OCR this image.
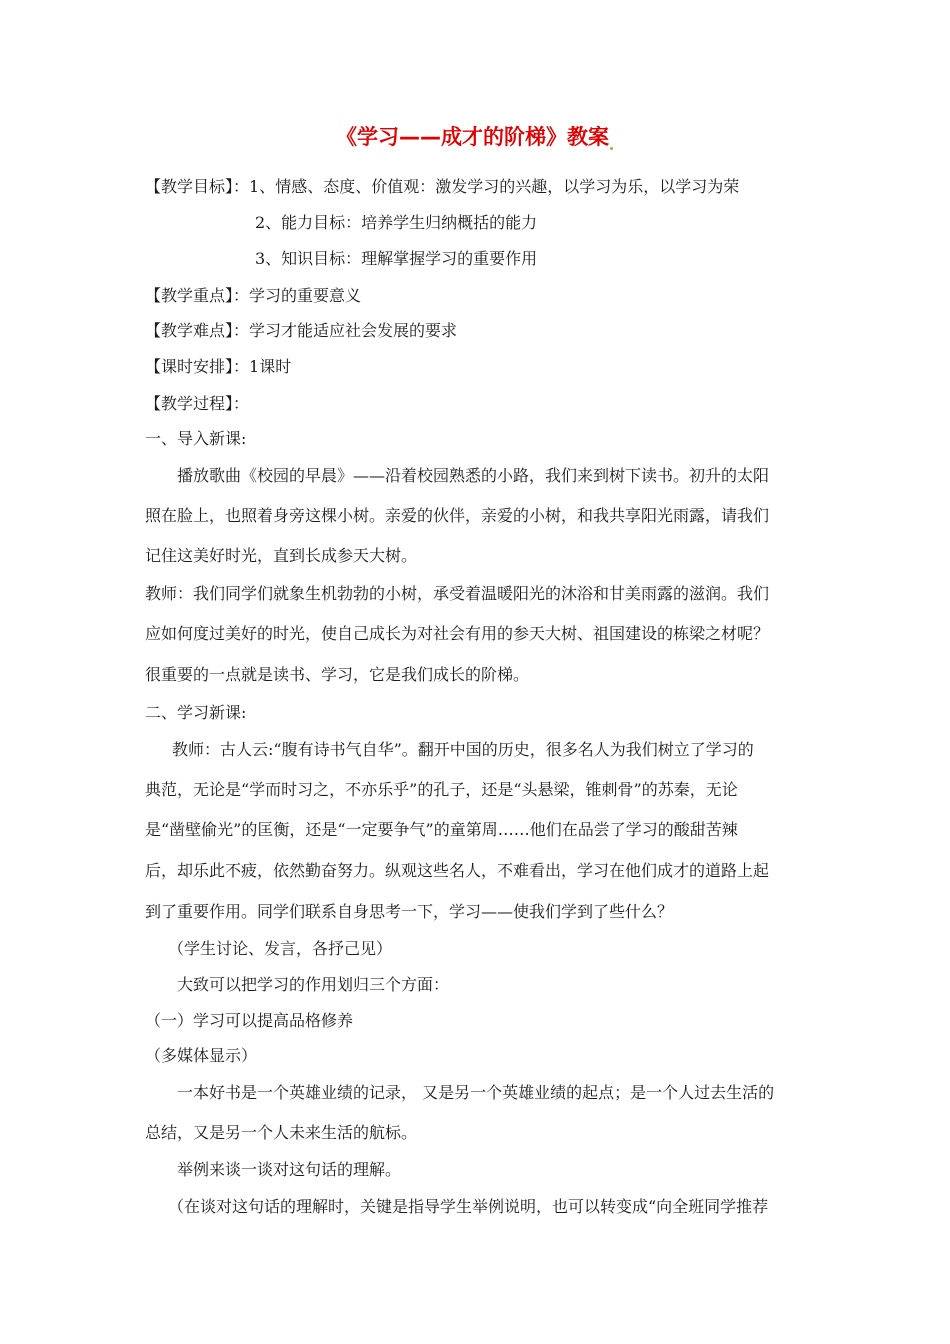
《学习——成才的阶梯》教案
【教学目标】：1、情感、态度、价值观：激发学习的兴趣，以学习为乐，以学习为荣
2、能力目标：培养学生归纳概括的能力
3、知识目标：理解掌握学习的重要作用
【教学重点】：学习的重要意义
【教学难点】：学习才能适应社会发展的要求
【课时安排】：1课时
【教学过程】：
一、导入新课:
播放歌曲《校园的早晨》——沿着校园熟悉的小路，我们来到树下读书。初升的太阳
照在脸上，也照着身旁这棵小树。亲爱的伙伴，亲爱的小树，和我共享阳光雨露，请我们
记住这美好时光，直到长成参天大树。
教师：我们同学们就象生机勃勃的小树，承受着温暖阳光的沐浴和甘美雨露的滋润。我们
应如何度过美好的时光，使自己成长为对社会有用的参天大树、祖国建设的栋梁之材呢？
很重要的一点就是读书、学习，它是我们成长的阶梯。
二、学习新课:
教师：古人云:“腹有诗书气自华”。翻开中国的历史，很多名人为我们树立了学习的
典范，无论是“学而时习之，不亦乐乎”的孔子，还是“头悬梁，锥刺骨”的苏秦，无论
是“凿壁偷光”的匡衡，还是“一定要争气”的童第周……他们在品尝了学习的酸甜苦辣
后，却乐此不疲，依然勤奋努力。纵观这些名人，不难看出，学习在他们成才的道路上起
到了重要作用。同学们联系自身思考一下，学习——使我们学到了些什么？
（学生讨论、发言，各抒己见）
大致可以把学习的作用划归三个方面：
（一）学习可以提高品格修养
（多媒体显示）
一本好书是一个英雄业绩的记录， 又是另一个英雄业绩的起点；是一个人过去生活的
总结，又是另一个人未来生活的航标。
举例来谈一谈对这句话的理解。
（在谈对这句话的理解时，关键是指导学生举例说明，也可以转变成“向全班同学推荐
